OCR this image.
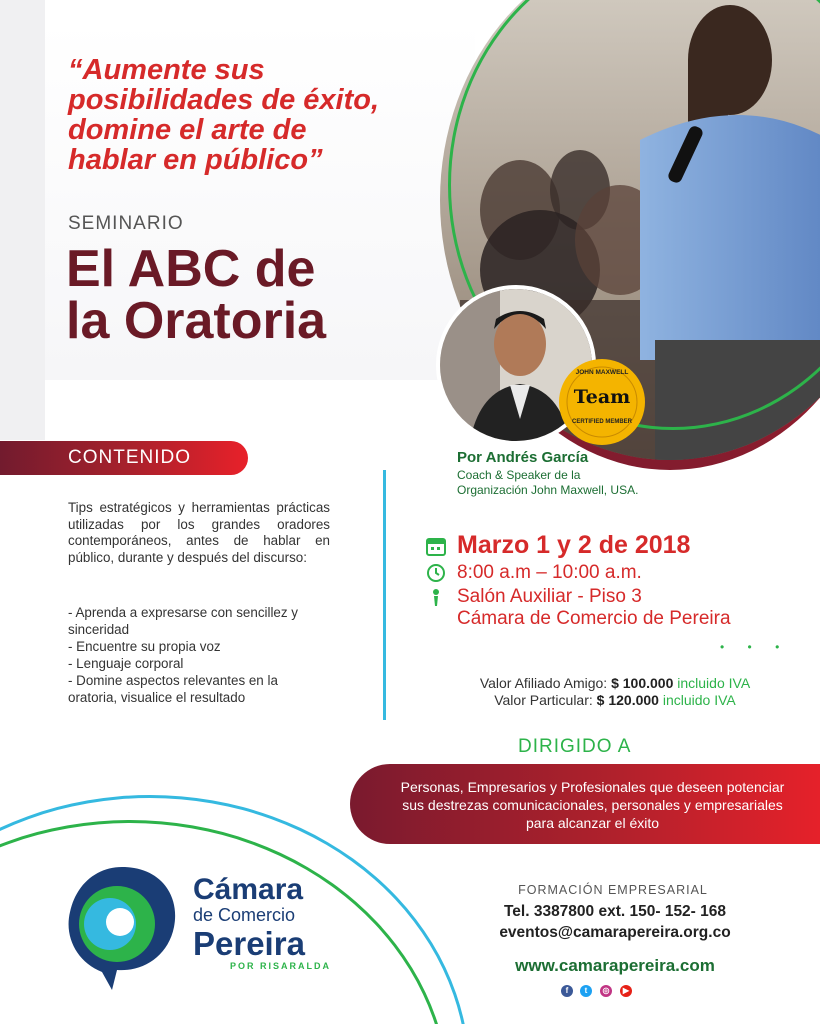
“Aumente sus
posibilidades de éxito,
domine el arte de
hablar en público”
SEMINARIO
El ABC de
la Oratoria
CONTENIDO
Tips estratégicos y herramientas prácticas utilizadas por los grandes oradores contemporáneos, antes de hablar en público, durante y después del discurso:
- Aprenda a expresarse con sencillez y sinceridad
- Encuentre su propia voz
- Lenguaje corporal
- Domine aspectos relevantes en la oratoria, visualice el resultado
JOHN MAXWELL
Team
CERTIFIED MEMBER
Por Andrés García
Coach & Speaker de la
Organización John Maxwell, USA.
Marzo 1 y 2 de 2018
8:00 a.m – 10:00 a.m.
Salón Auxiliar - Piso 3
Cámara de Comercio de Pereira
• • •
Valor Afiliado Amigo: $ 100.000 incluido IVA
Valor Particular: $ 120.000 incluido IVA
DIRIGIDO A
Personas, Empresarios y Profesionales que deseen potenciar sus destrezas comunicacionales, personales y empresariales para alcanzar el éxito
Cámara
de Comercio
Pereira
POR RISARALDA
FORMACIÓN EMPRESARIAL
Tel. 3387800 ext. 150- 152- 168
eventos@camarapereira.org.co
www.camarapereira.com
f	t	◎	▶
